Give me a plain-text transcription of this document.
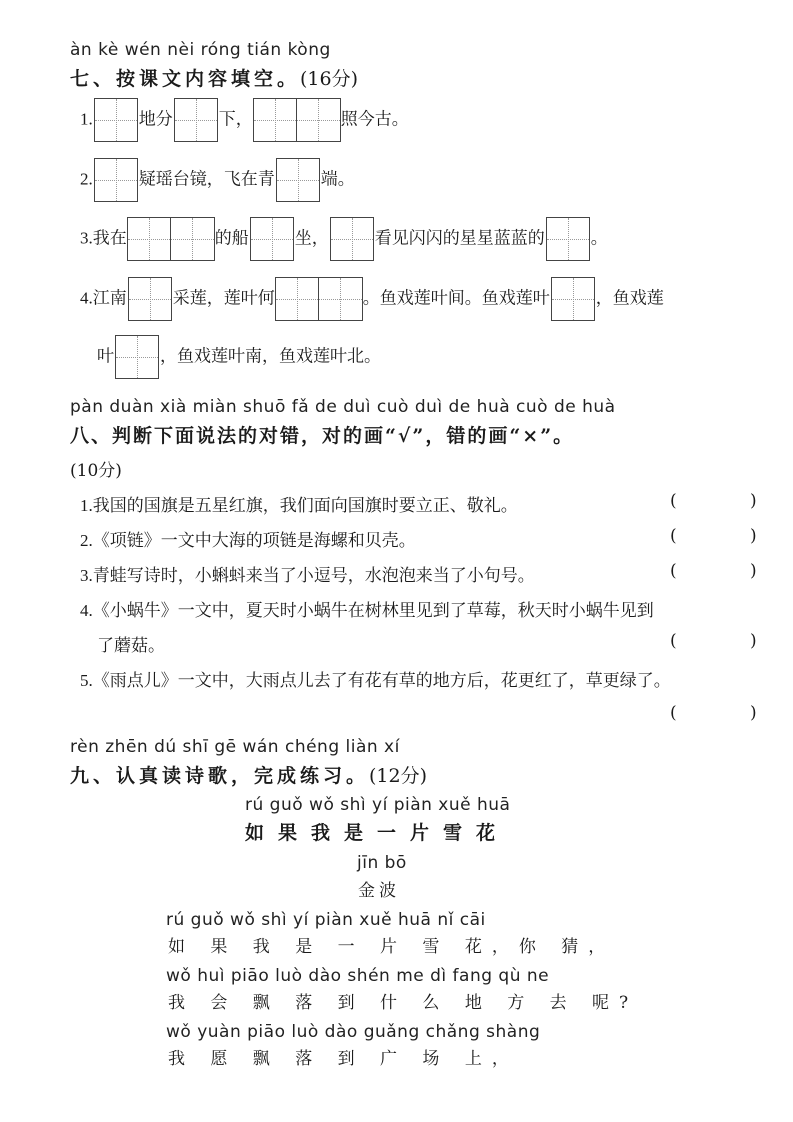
àn kè wén nèi róng tián kòng
七、按课文内容填空。(16分)
1.	地分	下，	照今古。
2.	疑瑶台镜，飞在青	端。
3.我在	的船	坐，	看见闪闪的星星蓝蓝的	。
4.江南	采莲，莲叶何	。鱼戏莲叶间。鱼戏莲叶	，鱼戏莲
叶	，鱼戏莲叶南，鱼戏莲叶北。
pàn duàn xià miàn shuō fǎ de duì cuò duì de huà cuò de huà
八、判断下面说法的对错，对的画“√”，错的画“×”。
(10分)
1.我国的国旗是五星红旗，我们面向国旗时要立正、敬礼。	( )
2.《项链》一文中大海的项链是海螺和贝壳。	( )
3.青蛙写诗时，小蝌蚪来当了小逗号，水泡泡来当了小句号。	( )
4.《小蜗牛》一文中，夏天时小蜗牛在树林里见到了草莓，秋天时小蜗牛见到
了蘑菇。	( )
5.《雨点儿》一文中，大雨点儿去了有花有草的地方后，花更红了，草更绿了。
( )
rèn zhēn dú shī gē wán chéng liàn xí
九、认真读诗歌，完成练习。(12分)
rú guǒ wǒ shì yí piàn xuě huā
如果我是一片雪花
jīn bō
金波
rú guǒ wǒ shì yí piàn xuě huā nǐ cāi
如 果 我 是 一 片 雪 花，你 猜，
wǒ huì piāo luò dào shén me dì fang qù ne
我 会 飘 落 到 什 么 地 方 去 呢?
wǒ yuàn piāo luò dào guǎng chǎng shàng
我 愿 飘 落 到 广 场 上，
